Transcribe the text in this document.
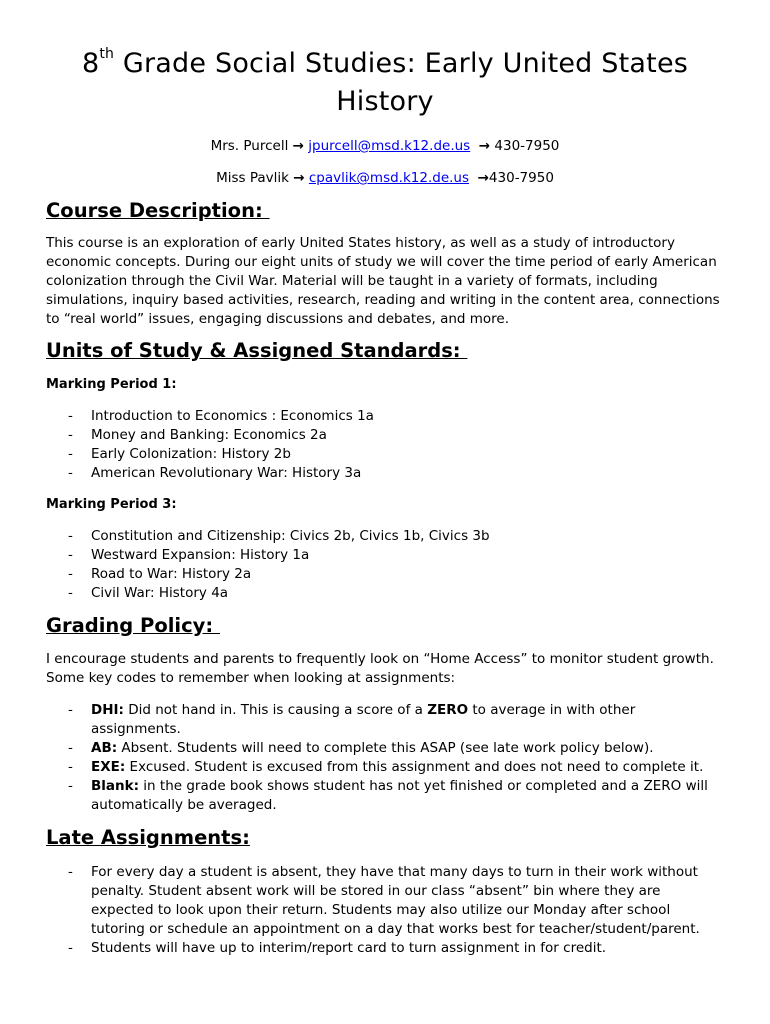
8th Grade Social Studies: Early United States History

Mrs. Purcell → jpurcell@msd.k12.de.us → 430-7950

Miss Pavlik → cpavlik@msd.k12.de.us →430-7950

Course Description:

This course is an exploration of early United States history, as well as a study of introductory economic concepts. During our eight units of study we will cover the time period of early American colonization through the Civil War. Material will be taught in a variety of formats, including simulations, inquiry based activities, research, reading and writing in the content area, connections to “real world” issues, engaging discussions and debates, and more.

Units of Study & Assigned Standards:

Marking Period 1:

- Introduction to Economics : Economics 1a
- Money and Banking: Economics 2a
- Early Colonization: History 2b
- American Revolutionary War: History 3a

Marking Period 3:

- Constitution and Citizenship: Civics 2b, Civics 1b, Civics 3b
- Westward Expansion: History 1a
- Road to War: History 2a
- Civil War: History 4a
Grading Policy:

I encourage students and parents to frequently look on “Home Access” to monitor student growth. Some key codes to remember when looking at assignments:

- DHI: Did not hand in. This is causing a score of a ZERO to average in with other assignments.
- AB: Absent. Students will need to complete this ASAP (see late work policy below).
- EXE: Excused. Student is excused from this assignment and does not need to complete it.
- Blank: in the grade book shows student has not yet finished or completed and a ZERO will automatically be averaged.
Late Assignments:
- For every day a student is absent, they have that many days to turn in their work without penalty. Student absent work will be stored in our class “absent” bin where they are expected to look upon their return. Students may also utilize our Monday after school tutoring or schedule an appointment on a day that works best for teacher/student/parent.
- Students will have up to interim/report card to turn assignment in for credit.
